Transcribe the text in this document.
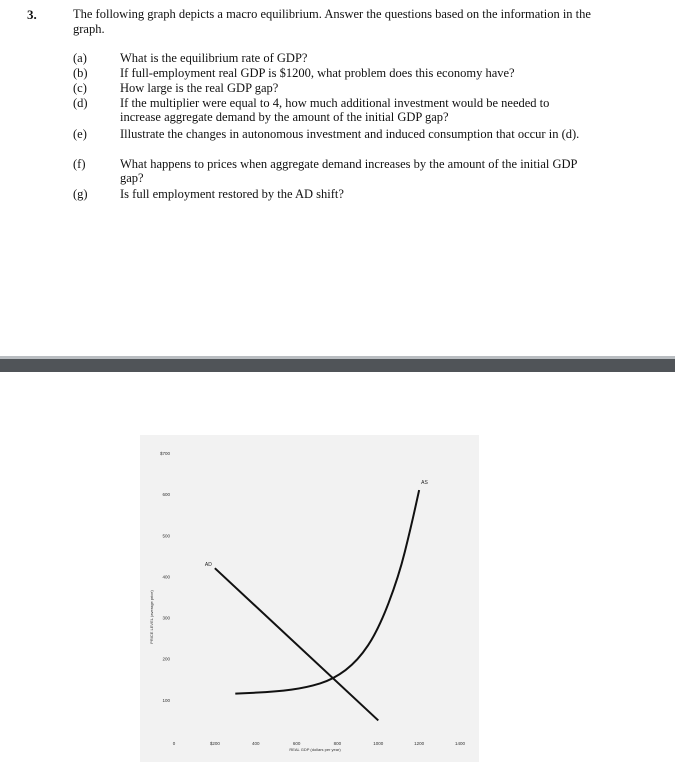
3.	The following graph depicts a macro equilibrium. Answer the questions based on the information in the graph.
(a)	What is the equilibrium rate of GDP?
(b)	If full-employment real GDP is $1200, what problem does this economy have?
(c)	How large is the real GDP gap?
(d)	If the multiplier were equal to 4, how much additional investment would be needed to increase aggregate demand by the amount of the initial GDP gap?
(e)	Illustrate the changes in autonomous investment and induced consumption that occur in (d).
(f)	What happens to prices when aggregate demand increases by the amount of the initial GDP gap?
(g)	Is full employment restored by the AD shift?
$700
600
500
400
300
200
100
0	$200	400	600	800	1000	1200	1400
AD
AS
PRICE LEVEL (average price)
REAL GDP (dollars per year)
